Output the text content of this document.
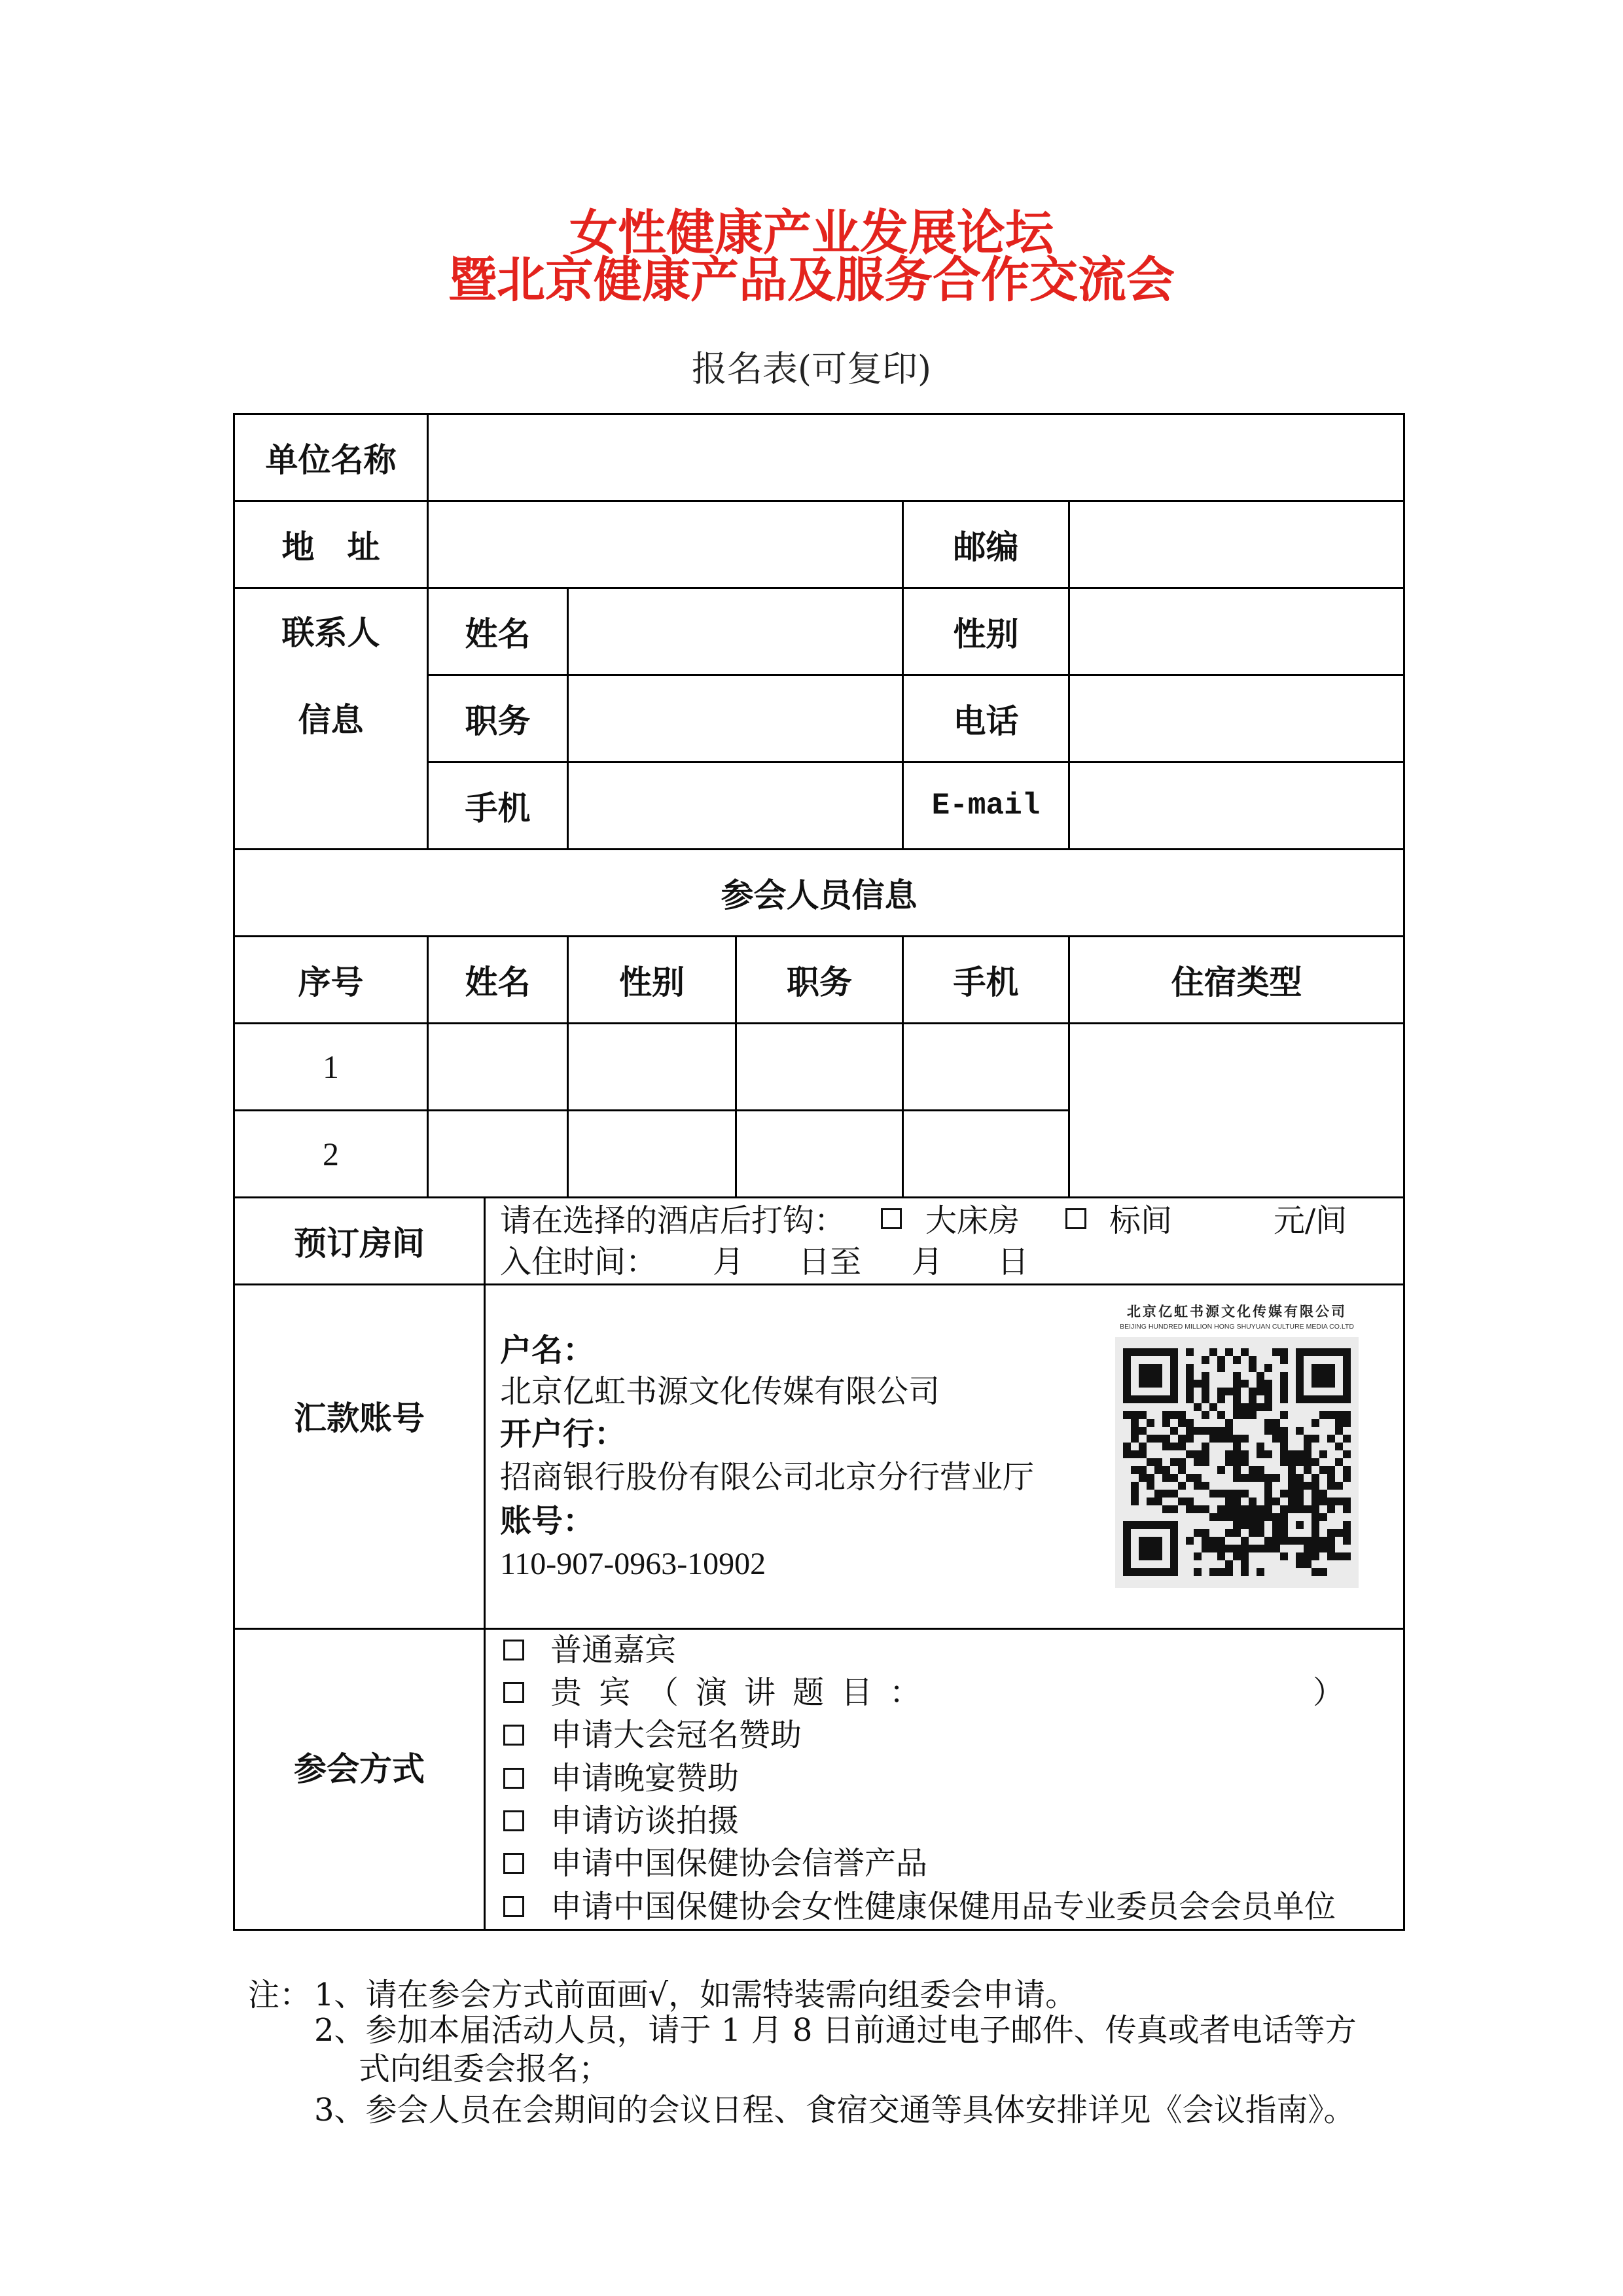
女性健康产业发展论坛
暨北京健康产品及服务合作交流会
报名表(可复印)
单位名称
地　址	邮编
联系人
信息
姓名	性别
职务	电话
手机	E-mail
参会人员信息
序号	姓名	性别	职务	手机	住宿类型
1
2
预订房间
请在选择的酒店后打钩：	大床房	标间	元/间
入住时间： 月 日至 月 日
汇款账号
户名：
北京亿虹书源文化传媒有限公司
开户行：
招商银行股份有限公司北京分行营业厅
账号：
110-907-0963-10902
北京亿虹书源文化传媒有限公司
BEIJING HUNDRED MILLION HONG SHUYUAN CULTURE MEDIA CO.LTD
参会方式
普通嘉宾
贵宾（演讲题目：	）
申请大会冠名赞助
申请晚宴赞助
申请访谈拍摄
申请中国保健协会信誉产品
申请中国保健协会女性健康保健用品专业委员会会员单位
注： 1、请在参会方式前面画√，如需特装需向组委会申请。
2、参加本届活动人员，请于 1 月 8 日前通过电子邮件、传真或者电话等方
式向组委会报名；
3、参会人员在会期间的会议日程、食宿交通等具体安排详见《会议指南》。
